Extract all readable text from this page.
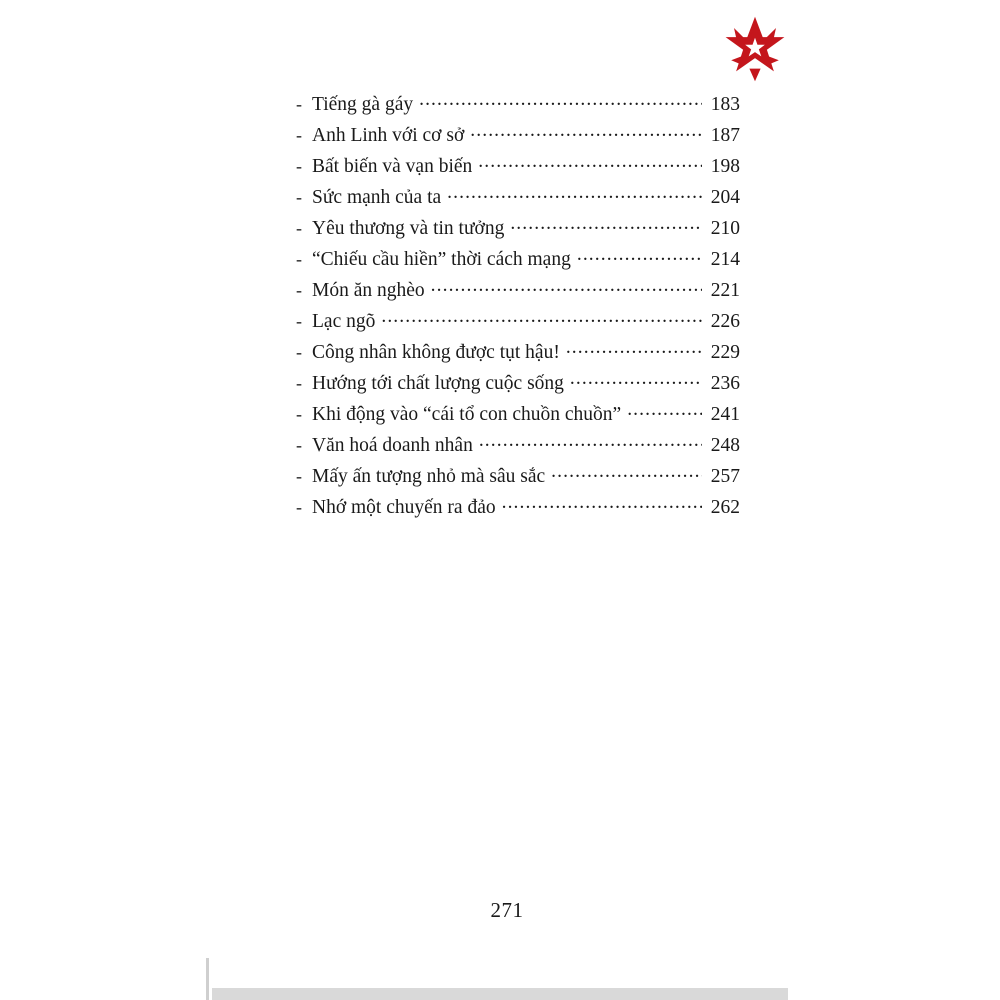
- Tiếng gà gáy .....	183
- Anh Linh với cơ sở .....	187
- Bất biến và vạn biến .....	198
- Sức mạnh của ta .....	204
- Yêu thương và tin tưởng .....	210
- “Chiếu cầu hiền” thời cách mạng .....	214
- Món ăn nghèo .....	221
- Lạc ngõ .....	226
- Công nhân không được tụt hậu! .....	229
- Hướng tới chất lượng cuộc sống .....	236
- Khi động vào “cái tổ con chuồn chuồn” .....	241
- Văn hoá doanh nhân .....	248
- Mấy ấn tượng nhỏ mà sâu sắc .....	257
- Nhớ một chuyến ra đảo .....	262
271
